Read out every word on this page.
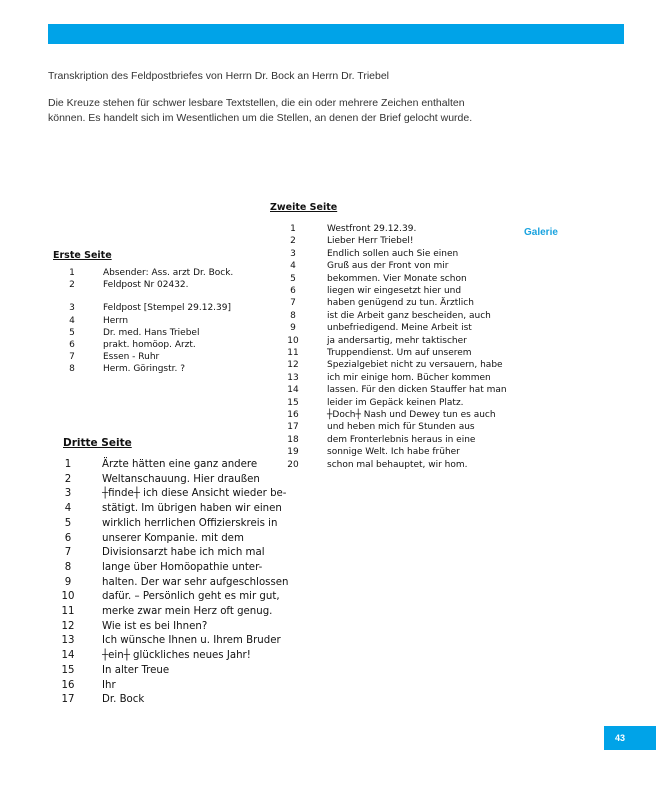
Transkription des Feldpostbriefes von Herrn Dr. Bock an Herrn Dr. Triebel

Die Kreuze stehen für schwer lesbare Textstellen, die ein oder mehrere Zeichen enthalten
können. Es handelt sich im Wesentlichen um die Stellen, an denen der Brief gelocht wurde.

Zweite Seite
Erste Seite
1	Absender: Ass. arzt Dr. Bock.
2	Feldpost Nr 02432.
3	Feldpost [Stempel 29.12.39]
4	Herrn
5	Dr. med. Hans Triebel
6	prakt. homöop. Arzt.
7	Essen - Ruhr
8	Herm. Göringstr. ?
1	Westfront 29.12.39.
2	Lieber Herr Triebel!
3	Endlich sollen auch Sie einen
4	Gruß aus der Front von mir
5	bekommen. Vier Monate schon
6	liegen wir eingesetzt hier und
7	haben genügend zu tun. Ärztlich
8	ist die Arbeit ganz bescheiden, auch
9	unbefriedigend. Meine Arbeit ist
10	ja andersartig, mehr taktischer
11	Truppendienst. Um auf unserem
12	Spezialgebiet nicht zu versauern, habe
13	ich mir einige hom. Bücher kommen
14	lassen. Für den dicken Stauffer hat man
15	leider im Gepäck keinen Platz.
16	┼Doch┼ Nash und Dewey tun es auch
17	und heben mich für Stunden aus
18	dem Fronterlebnis heraus in eine
19	sonnige Welt. Ich habe früher
20	schon mal behauptet, wir hom.
Dritte Seite
1	Ärzte hätten eine ganz andere
2	Weltanschauung. Hier draußen
3	┼finde┼ ich diese Ansicht wieder be-
4	stätigt. Im übrigen haben wir einen
5	wirklich herrlichen Offizierskreis in
6	unserer Kompanie. mit dem
7	Divisionsarzt habe ich mich mal
8	lange über Homöopathie unter-
9	halten. Der war sehr aufgeschlossen
10	dafür. – Persönlich geht es mir gut,
11	merke zwar mein Herz oft genug.
12	Wie ist es bei Ihnen?
13	Ich wünsche Ihnen u. Ihrem Bruder
14	┼ein┼ glückliches neues Jahr!
15	In alter Treue
16	Ihr
17	Dr. Bock
Galerie
43
